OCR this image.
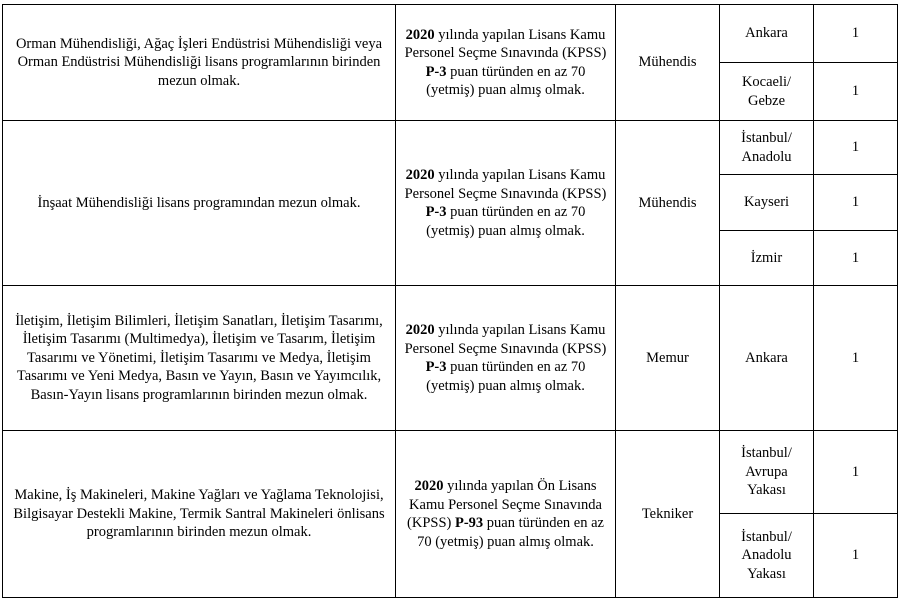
Orman Mühendisliği, Ağaç İşleri Endüstrisi Mühendisliği veya Orman Endüstrisi Mühendisliği lisans programlarının birinden mezun olmak.	2020 yılında yapılan Lisans Kamu Personel Seçme Sınavında (KPSS) P-3 puan türünden en az 70 (yetmiş) puan almış olmak.	Mühendis	Ankara	1
			Kocaeli/ Gebze	1
İnşaat Mühendisliği lisans programından mezun olmak.	2020 yılında yapılan Lisans Kamu Personel Seçme Sınavında (KPSS) P-3 puan türünden en az 70 (yetmiş) puan almış olmak.	Mühendis	İstanbul/ Anadolu	1
			Kayseri	1
			İzmir	1
İletişim, İletişim Bilimleri, İletişim Sanatları, İletişim Tasarımı, İletişim Tasarımı (Multimedya), İletişim ve Tasarım, İletişim Tasarımı ve Yönetimi, İletişim Tasarımı ve Medya, İletişim Tasarımı ve Yeni Medya, Basın ve Yayın, Basın ve Yayımcılık, Basın-Yayın lisans programlarının birinden mezun olmak.	2020 yılında yapılan Lisans Kamu Personel Seçme Sınavında (KPSS) P-3 puan türünden en az 70 (yetmiş) puan almış olmak.	Memur	Ankara	1
Makine, İş Makineleri, Makine Yağları ve Yağlama Teknolojisi, Bilgisayar Destekli Makine, Termik Santral Makineleri önlisans programlarının birinden mezun olmak.	2020 yılında yapılan Ön Lisans Kamu Personel Seçme Sınavında (KPSS) P-93 puan türünden en az 70 (yetmiş) puan almış olmak.	Tekniker	İstanbul/ Avrupa Yakası	1
			İstanbul/ Anadolu Yakası	1
